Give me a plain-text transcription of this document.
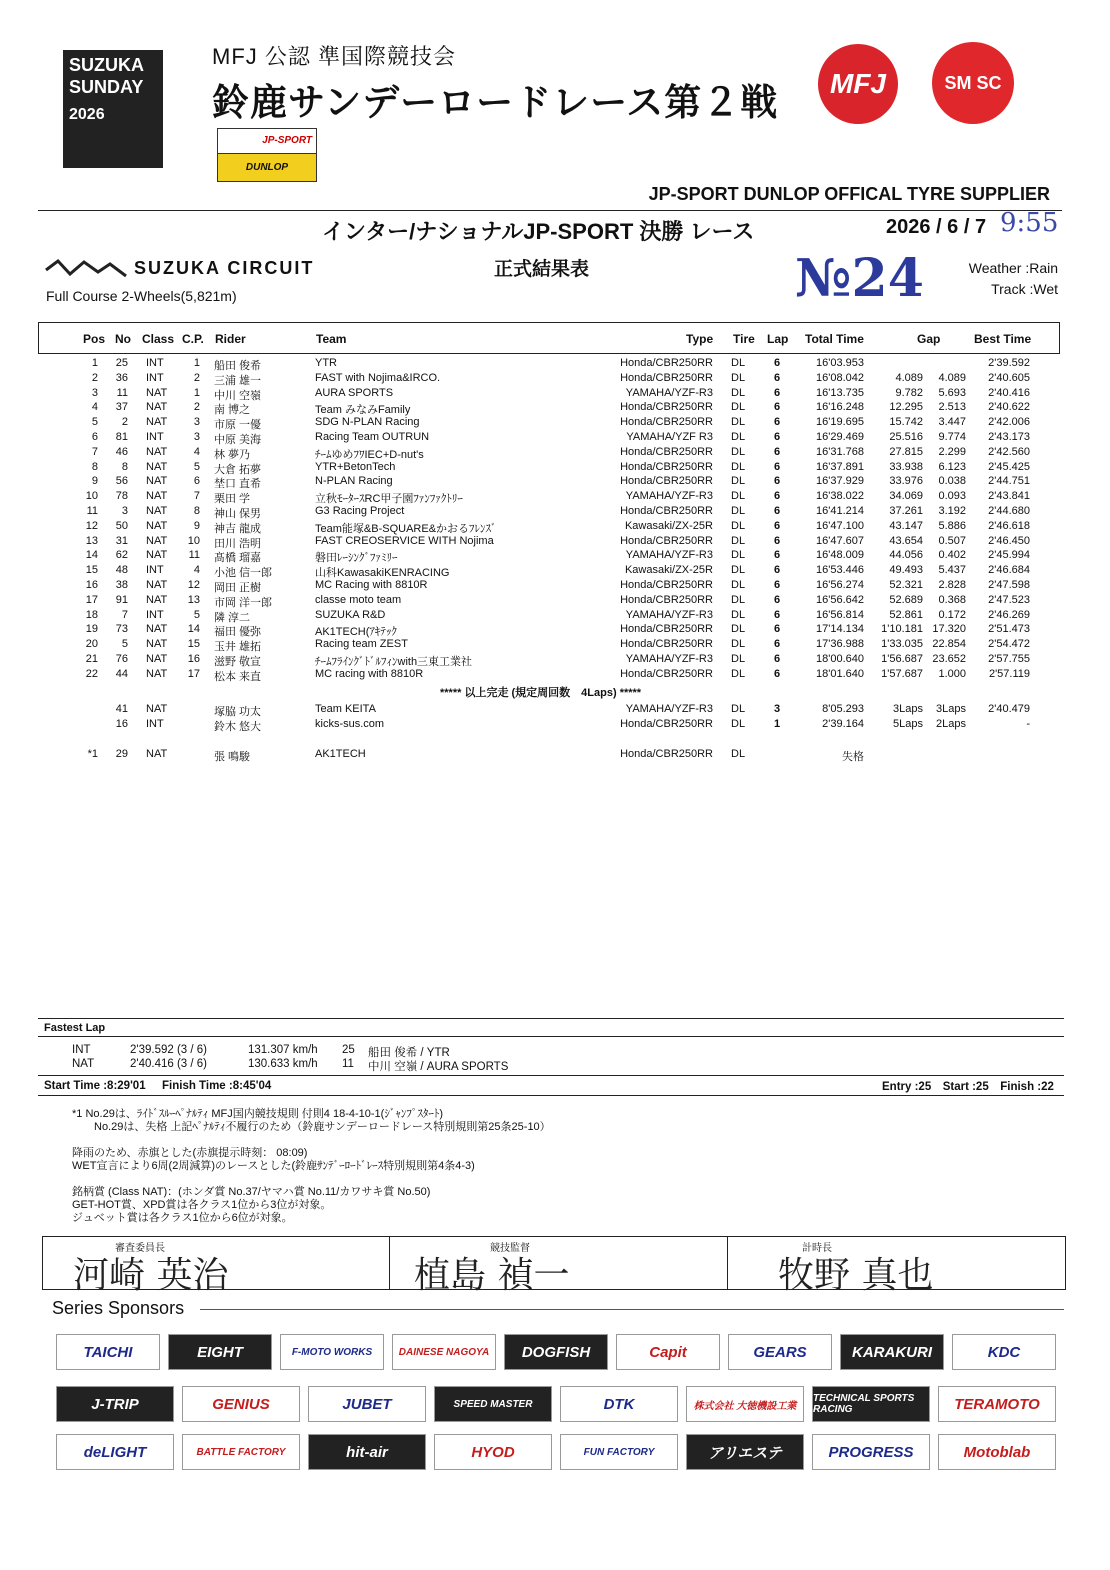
SUZUKA
SUNDAY
2026
MFJ 公認 準国際競技会
鈴鹿サンデーロードレース第２戦	MFJ	SM SC
JP-SPORT
DUNLOP
JP-SPORT DUNLOP OFFICAL TYRE SUPPLIER
インター/ナショナルJP-SPORT 決勝 レース	2026 / 6 / 7 9:55
SUZUKA CIRCUIT	正式結果表
Full Course 2-Wheels(5,821m)	№24	Weather :Rain
Track :Wet
Pos No Class C.P. Rider	Team	Type Tire Lap Total Time	Gap	Best Time
1	25 INT	1 船田 俊希	YTR	Honda/CBR250RR DL	6	16'03.953	2'39.592
2	36 INT	2 三浦 雄一	FAST with Nojima&IRCO.	Honda/CBR250RR DL	6	16'08.042	4.089	4.089	2'40.605
3	11 NAT	1 中川 空嶺	AURA SPORTS	YAMAHA/YZF-R3 DL	6	16'13.735	9.782	5.693	2'40.416
4	37 NAT	2 南 博之	Team みなみFamily	Honda/CBR250RR DL	6	16'16.248	12.295	2.513	2'40.622
5	2 NAT	3 市原 一優	SDG N-PLAN Racing	Honda/CBR250RR DL	6	16'19.695	15.742	3.447	2'42.006
6	81 INT	3 中原 美海	Racing Team OUTRUN	YAMAHA/YZF R3 DL	6	16'29.469	25.516	9.774	2'43.173
7	46 NAT	4 林 夢乃	ﾁｰﾑゆめﾌﾜIEC+D-nut's	Honda/CBR250RR DL	6	16'31.768	27.815	2.299	2'42.560
8	8 NAT	5 大倉 拓夢	YTR+BetonTech	Honda/CBR250RR DL	6	16'37.891	33.938	6.123	2'45.425
9	56 NAT	6 埜口 直希	N-PLAN Racing	Honda/CBR250RR DL	6	16'37.929	33.976	0.038	2'44.751
10	78 NAT	7 栗田 学	立秋ﾓｰﾀｰｽRC甲子園ﾌｧﾝﾌｧｸﾄﾘｰ	YAMAHA/YZF-R3 DL	6	16'38.022	34.069	0.093	2'43.841
11	3 NAT	8 神山 保男	G3 Racing Project	Honda/CBR250RR DL	6	16'41.214	37.261	3.192	2'44.680
12	50 NAT	9 神吉 龍成	Team能塚&B-SQUARE&かおるﾌﾚﾝｽﾞ	Kawasaki/ZX-25R DL	6	16'47.100	43.147	5.886	2'46.618
13	31 NAT	10 田川 浩明	FAST CREOSERVICE WITH Nojima	Honda/CBR250RR DL	6	16'47.607	43.654	0.507	2'46.450
14	62 NAT	11 髙橋 瑠嘉	磐田ﾚｰｼﾝｸﾞﾌｧﾐﾘｰ	YAMAHA/YZF-R3 DL	6	16'48.009	44.056	0.402	2'45.994
15	48 INT	4 小池 信一郎	山科KawasakiKENRACING	Kawasaki/ZX-25R DL	6	16'53.446	49.493	5.437	2'46.684
16	38 NAT	12 岡田 正樹	MC Racing with 8810R	Honda/CBR250RR DL	6	16'56.274	52.321	2.828	2'47.598
17	91 NAT	13 市岡 洋一郎	classe moto team	Honda/CBR250RR DL	6	16'56.642	52.689	0.368	2'47.523
18	7 INT	5 隣 淳二	SUZUKA R&D	YAMAHA/YZF-R3 DL	6	16'56.814	52.861	0.172	2'46.269
19	73 NAT	14 福田 優弥	AK1TECH(ｱｷﾃｯｸ	Honda/CBR250RR DL	6	17'14.134	1'10.181 17.320	2'51.473
20	5 NAT	15 玉井 雄拓	Racing team ZEST	Honda/CBR250RR DL	6	17'36.988	1'33.035 22.854	2'54.472
21	76 NAT	16 滋野 敬宣	ﾁｰﾑﾌﾗｲﾝｸﾞﾄﾞﾙﾌｨﾝwith三東工業社	YAMAHA/YZF-R3 DL	6	18'00.640	1'56.687 23.652	2'57.755
22	44 NAT	17 松本 来直	MC racing with 8810R	Honda/CBR250RR DL	6	18'01.640	1'57.687	1.000	2'57.119
41 NAT	塚脇 功太	Team KEITA	YAMAHA/YZF-R3 DL	3	8'05.293	3Laps	3Laps	2'40.479
16 INT	鈴木 悠大	kicks-sus.com	Honda/CBR250RR DL	1	2'39.164	5Laps	2Laps	-
*1	29 NAT	張 鳴駿	AK1TECH	Honda/CBR250RR DL	失格
***** 以上完走 (規定周回数　4Laps) *****
Fastest Lap
INT	2'39.592 (3 / 6)	131.307 km/h 25 船田 俊希 / YTR
NAT	2'40.416 (3 / 6)	130.633 km/h 11 中川 空嶺 / AURA SPORTS
Start Time :8:29'01 Finish Time :8:45'04	Entry :25　Start :25　Finish :22
*1 No.29は、ﾗｲﾄﾞｽﾙｰﾍﾟﾅﾙﾃｨ MFJ国内競技規則 付則4 18-4-10-1(ｼﾞｬﾝﾌﾟｽﾀｰﾄ)
　　No.29は、失格 上記ﾍﾟﾅﾙﾃｨ不履行のため（鈴鹿サンデーロードレース特別規則第25条25-10）
降雨のため、赤旗とした(赤旗提示時刻： 08:09)
WET宣言により6周(2周減算)のレースとした(鈴鹿ｻﾝﾃﾞｰﾛｰﾄﾞﾚｰｽ特別規則第4条4-3)
銘柄賞 (Class NAT)：(ホンダ賞 No.37/ヤマハ賞 No.11/カワサキ賞 No.50)
GET-HOT賞、XPD賞は各クラス1位から3位が対象。
ジュベット賞は各クラス1位から6位が対象。
審査委員長
河崎 英治
競技監督
植島 禎一
計時長
牧野 真也
Series Sponsors
TAICHI	EIGHT	F-MOTO WORKS	DAINESE NAGOYA	DOGFISH	Capit	GEARS	KARAKURI	KDC
J-TRIP	GENIUS	JUBET	SPEED MASTER	DTK	株式会社 大徳機設工業
TECHNICAL SPORTS RACING	TERAMOTO
deLIGHT	BATTLE FACTORY	hit-air	HYOD	FUN FACTORY	アリエステ	PROGRESS	Motoblab
